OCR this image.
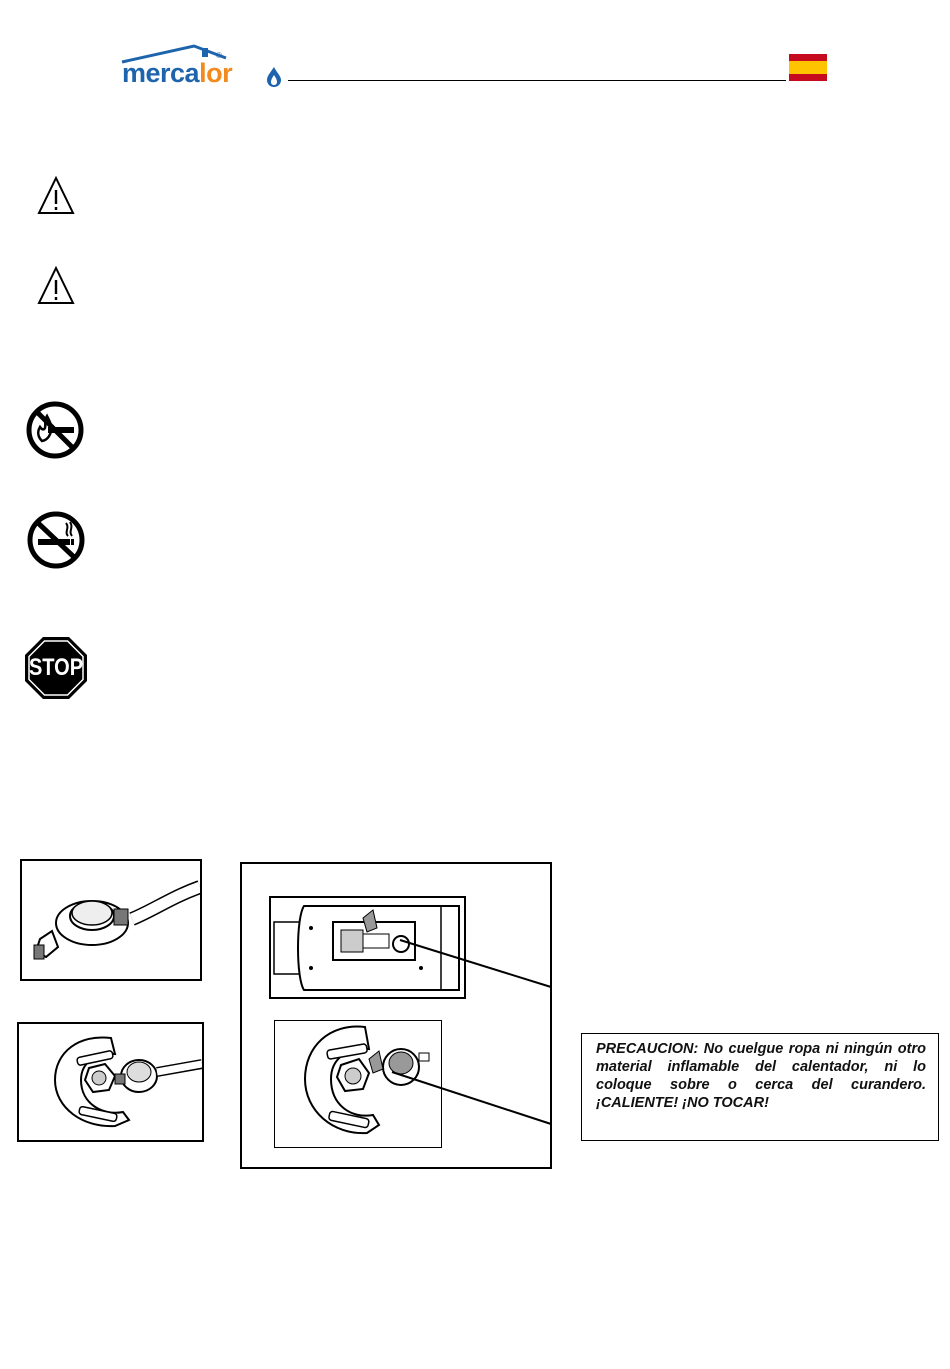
mercalor
®
STOP

PRECAUCION: No cuelgue ropa ni ningún otro material inflamable del calentador, ni lo coloque sobre o cerca del curandero. ¡CALIENTE! ¡NO TOCAR!
